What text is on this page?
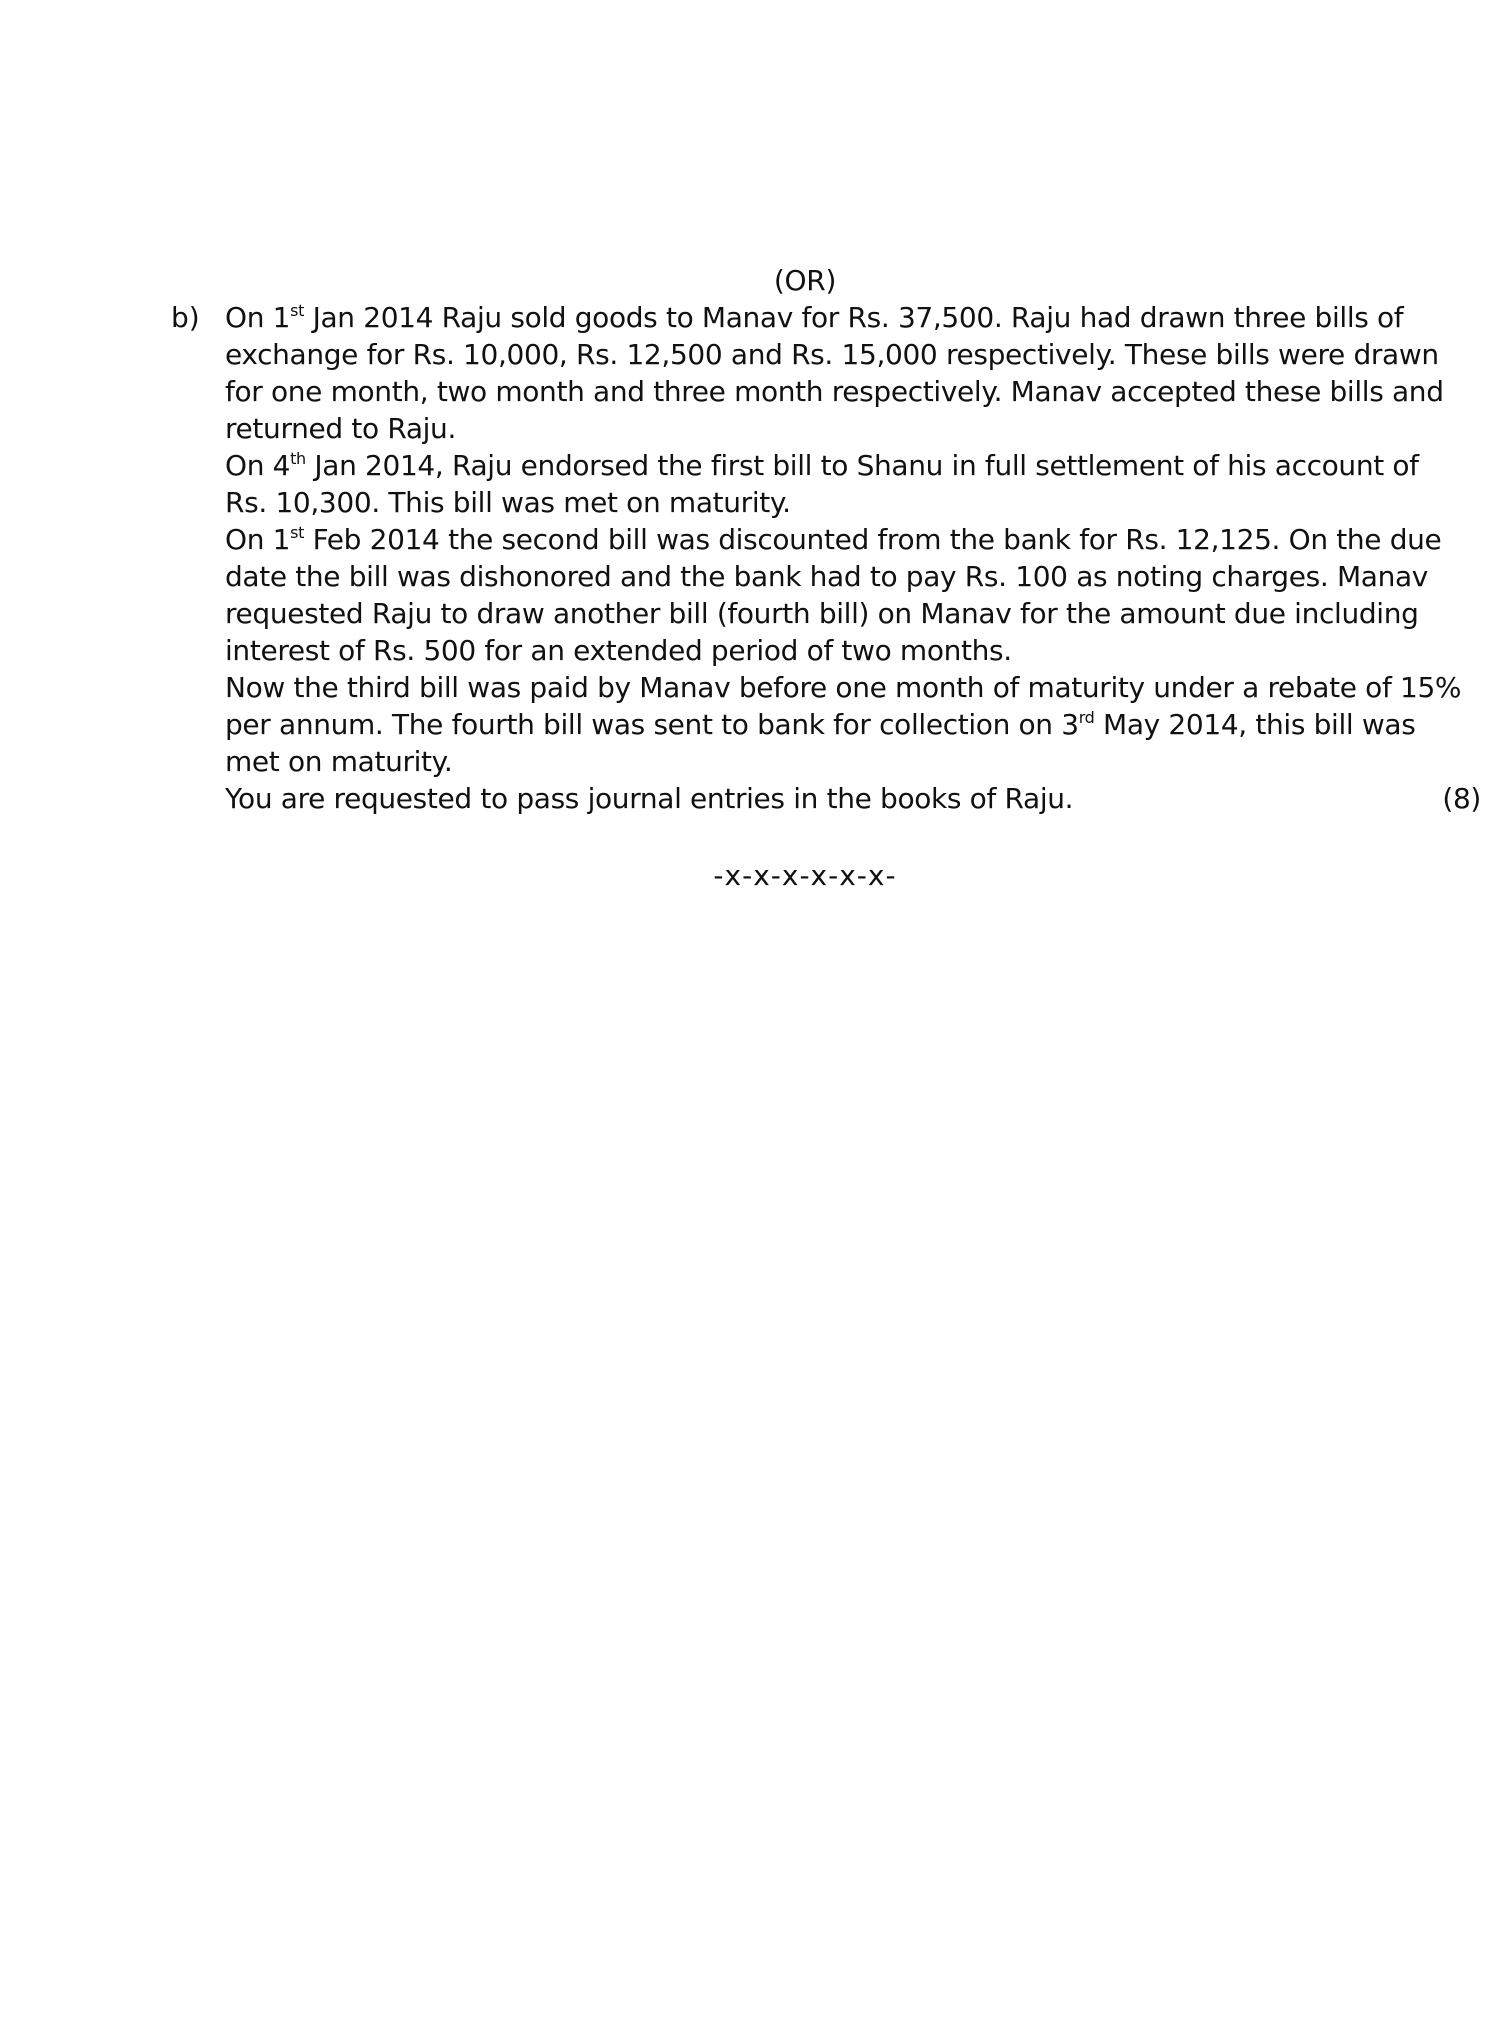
(OR)
b) On 1st Jan 2014 Raju sold goods to Manav for Rs. 37,500. Raju had drawn three bills of
exchange for Rs. 10,000, Rs. 12,500 and Rs. 15,000 respectively. These bills were drawn
for one month, two month and three month respectively. Manav accepted these bills and
returned to Raju.
On 4th Jan 2014, Raju endorsed the first bill to Shanu in full settlement of his account of
Rs. 10,300. This bill was met on maturity.
On 1st Feb 2014 the second bill was discounted from the bank for Rs. 12,125. On the due
date the bill was dishonored and the bank had to pay Rs. 100 as noting charges. Manav
requested Raju to draw another bill (fourth bill) on Manav for the amount due including
interest of Rs. 500 for an extended period of two months.
Now the third bill was paid by Manav before one month of maturity under a rebate of 15%
per annum. The fourth bill was sent to bank for collection on 3rd May 2014, this bill was
met on maturity.
You are requested to pass journal entries in the books of Raju.	(8)
-x-x-x-x-x-x-
